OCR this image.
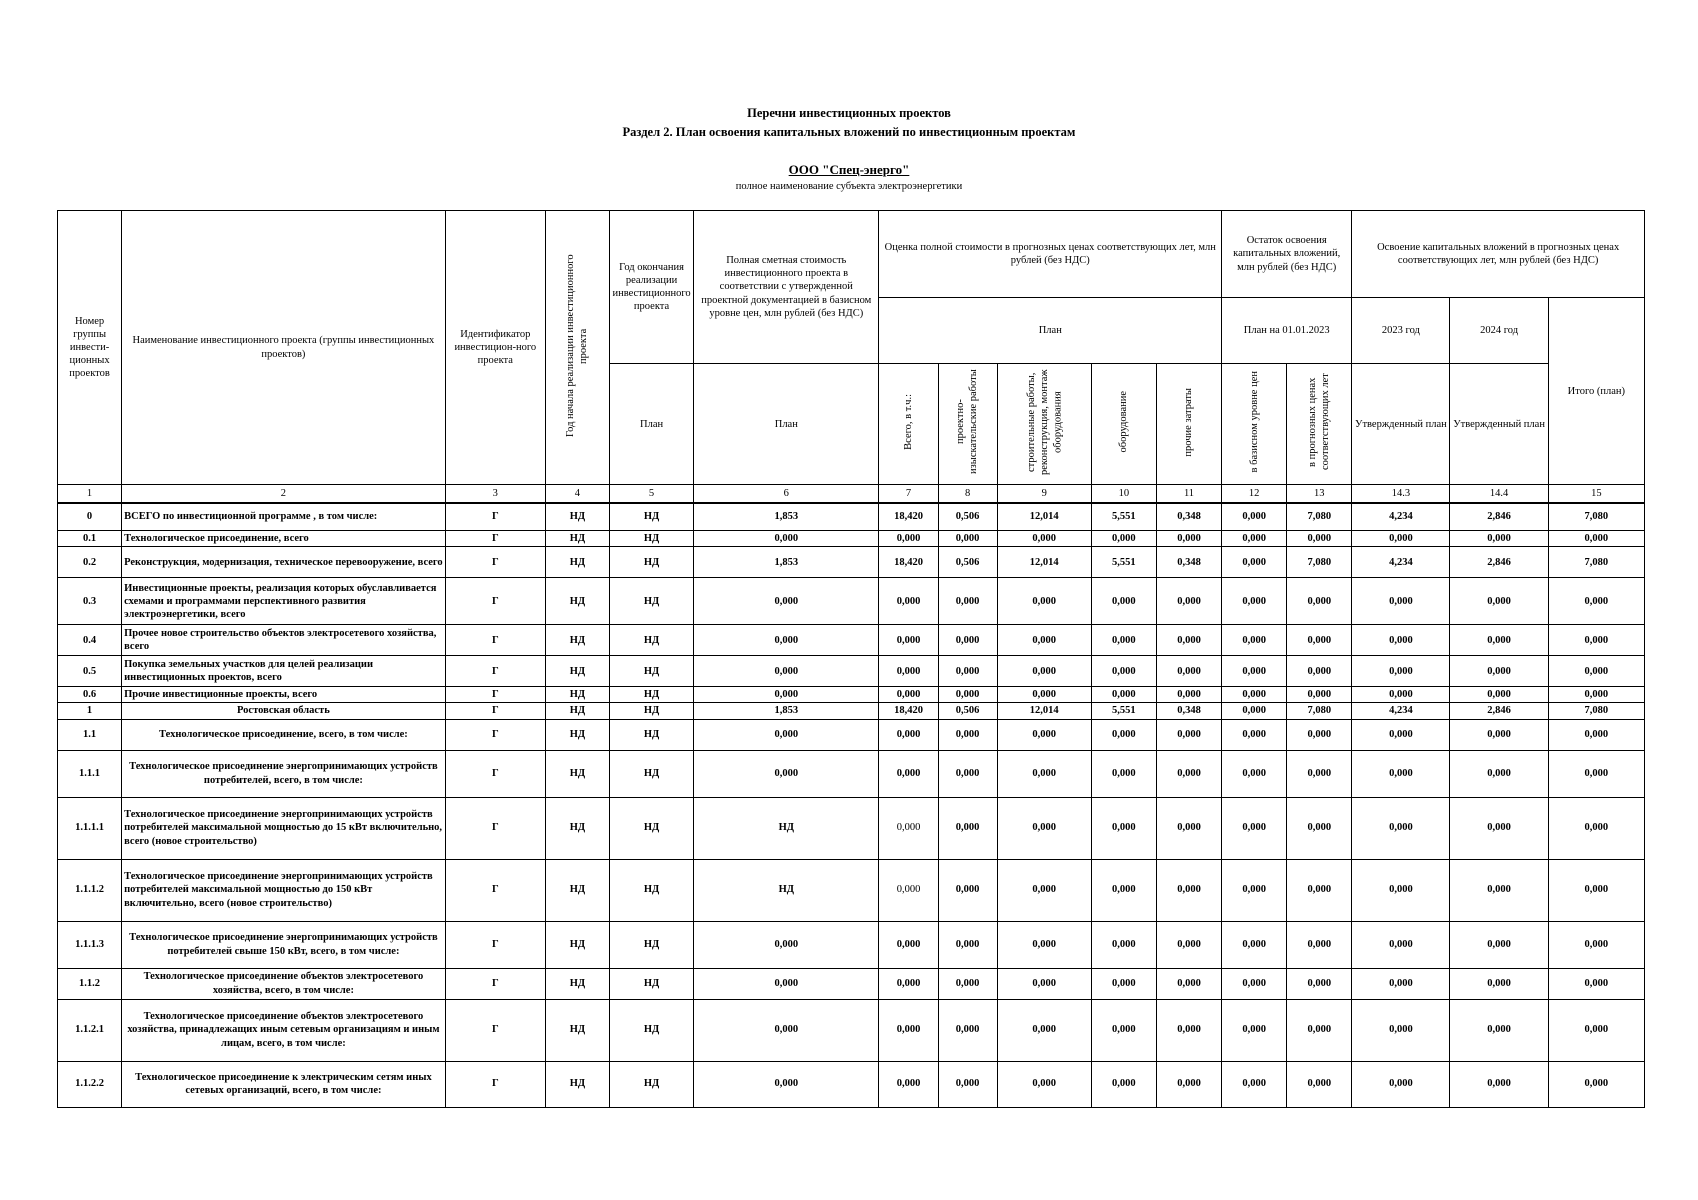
Перечни инвестиционных проектов
Раздел 2. План освоения капитальных вложений по инвестиционным проектам
ООО "Спец-энерго"
полное наименование субъекта электроэнергетики
Номер группы инвести-ционных проектов	Наименование инвестиционного проекта (группы инвестиционных проектов)	Идентификатор инвестицион-ного проекта	Год начала реализации инвестиционного проекта	Год окончания реализации инвестиционного проекта	Полная сметная стоимость инвестиционного проекта в соответствии с утвержденной проектной документацией в базисном уровне цен, млн рублей (без НДС)	Оценка полной стоимости в прогнозных ценах соответствующих лет, млн рублей (без НДС)					Остаток освоения капитальных вложений, млн рублей (без НДС)		Освоение капитальных вложений в прогнозных ценах соответствующих лет, млн рублей (без НДС)		
						План					План на 01.01.2023		2023 год	2024 год	Итого (план)
				План	План	Всего, в т.ч.:	проектно-изыскательские работы	строительные работы, реконструкция, монтаж оборудования	оборудование	прочие затраты	в базисном уровне цен	в прогнозных ценах соответствующих лет	Утвержденный план	Утвержденный план	
1	2	3	4	5	6	7	8	9	10	11	12	13	14.3	14.4	15
0	ВСЕГО по инвестиционной программе , в том числе:	Г	НД	НД	1,853	18,420	0,506	12,014	5,551	0,348	0,000	7,080	4,234	2,846	7,080
0.1	Технологическое присоединение, всего	Г	НД	НД	0,000	0,000	0,000	0,000	0,000	0,000	0,000	0,000	0,000	0,000	0,000
0.2	Реконструкция, модернизация, техническое перевооружение, всего	Г	НД	НД	1,853	18,420	0,506	12,014	5,551	0,348	0,000	7,080	4,234	2,846	7,080
0.3	Инвестиционные проекты, реализация которых обуславливается схемами и программами перспективного развития электроэнергетики, всего	Г	НД	НД	0,000	0,000	0,000	0,000	0,000	0,000	0,000	0,000	0,000	0,000	0,000
0.4	Прочее новое строительство объектов электросетевого хозяйства, всего	Г	НД	НД	0,000	0,000	0,000	0,000	0,000	0,000	0,000	0,000	0,000	0,000	0,000
0.5	Покупка земельных участков для целей реализации инвестиционных проектов, всего	Г	НД	НД	0,000	0,000	0,000	0,000	0,000	0,000	0,000	0,000	0,000	0,000	0,000
0.6	Прочие инвестиционные проекты, всего	Г	НД	НД	0,000	0,000	0,000	0,000	0,000	0,000	0,000	0,000	0,000	0,000	0,000
1	Ростовская область	Г	НД	НД	1,853	18,420	0,506	12,014	5,551	0,348	0,000	7,080	4,234	2,846	7,080
1.1	Технологическое присоединение, всего, в том числе:	Г	НД	НД	0,000	0,000	0,000	0,000	0,000	0,000	0,000	0,000	0,000	0,000	0,000
1.1.1	Технологическое присоединение энергопринимающих устройств потребителей, всего, в том числе:	Г	НД	НД	0,000	0,000	0,000	0,000	0,000	0,000	0,000	0,000	0,000	0,000	0,000
1.1.1.1	Технологическое присоединение энергопринимающих устройств потребителей максимальной мощностью до 15 кВт включительно, всего (новое строительство)	Г	НД	НД	НД	0,000	0,000	0,000	0,000	0,000	0,000	0,000	0,000	0,000	0,000
1.1.1.2	Технологическое присоединение энергопринимающих устройств потребителей максимальной мощностью до 150 кВт включительно, всего (новое строительство)	Г	НД	НД	НД	0,000	0,000	0,000	0,000	0,000	0,000	0,000	0,000	0,000	0,000
1.1.1.3	Технологическое присоединение энергопринимающих устройств потребителей свыше 150 кВт, всего, в том числе:	Г	НД	НД	0,000	0,000	0,000	0,000	0,000	0,000	0,000	0,000	0,000	0,000	0,000
1.1.2	Технологическое присоединение объектов электросетевого хозяйства, всего, в том числе:	Г	НД	НД	0,000	0,000	0,000	0,000	0,000	0,000	0,000	0,000	0,000	0,000	0,000
1.1.2.1	Технологическое присоединение объектов электросетевого хозяйства, принадлежащих иным сетевым организациям и иным лицам, всего, в том числе:	Г	НД	НД	0,000	0,000	0,000	0,000	0,000	0,000	0,000	0,000	0,000	0,000	0,000
1.1.2.2	Технологическое присоединение к электрическим сетям иных сетевых организаций, всего, в том числе:	Г	НД	НД	0,000	0,000	0,000	0,000	0,000	0,000	0,000	0,000	0,000	0,000	0,000
